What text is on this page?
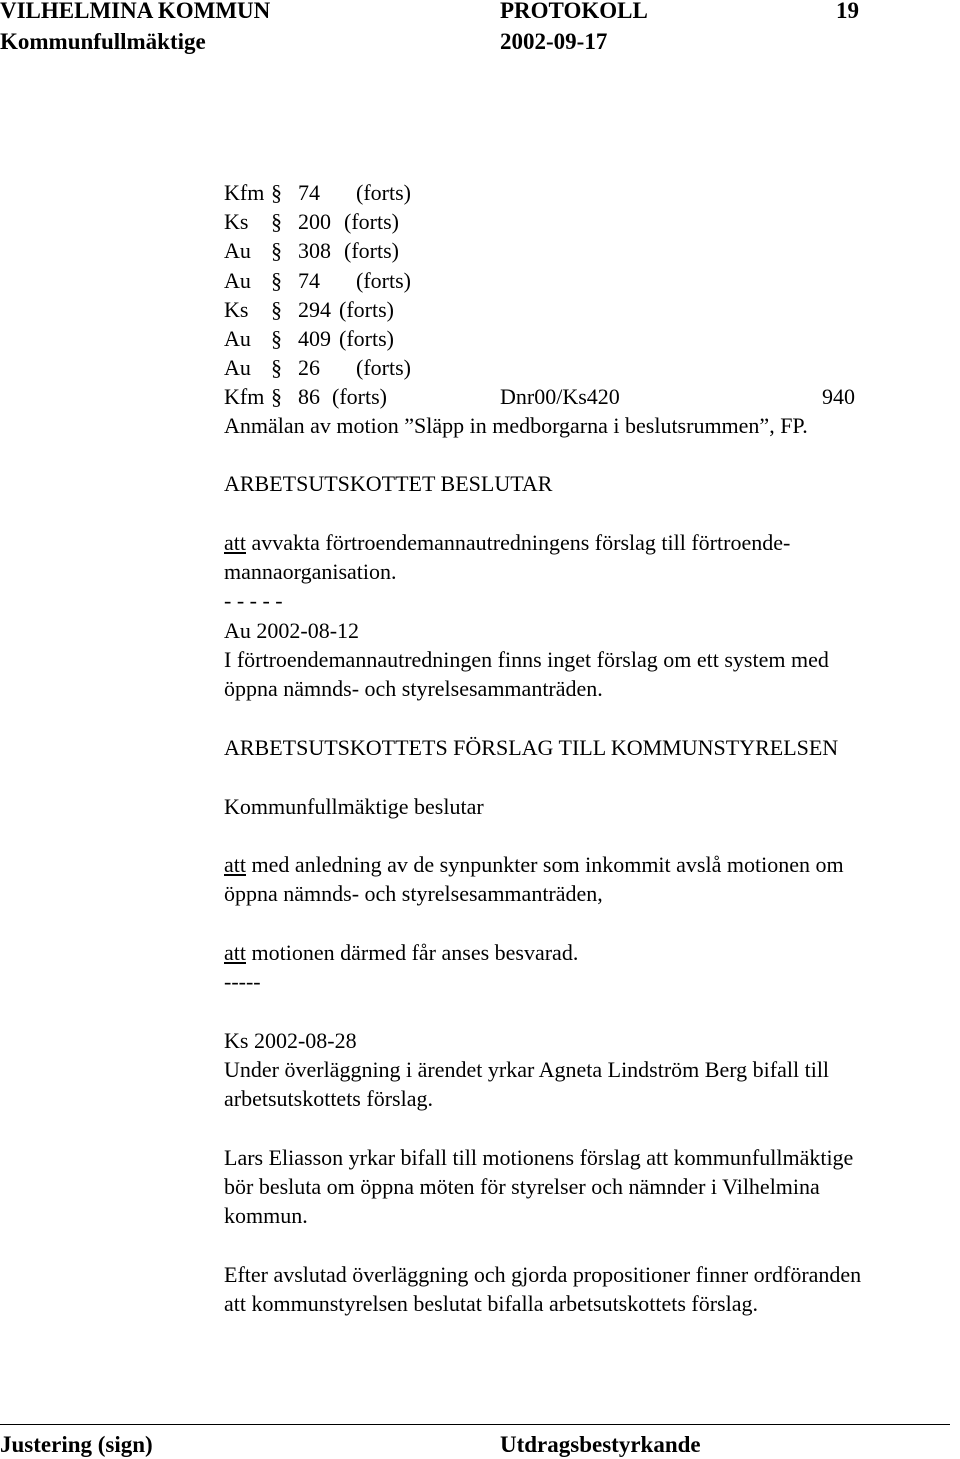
VILHELMINA KOMMUN	PROTOKOLL	19
Kommunfullmäktige	2002-09-17
Kfm § 74 (forts)
Ks § 200 (forts)
Au § 308 (forts)
Au § 74 (forts)
Ks § 294 (forts)
Au § 409 (forts)
Au § 26 (forts)
Kfm § 86 (forts)	Dnr00/Ks420	940
Anmälan av motion ”Släpp in medborgarna i beslutsrummen”, FP.
ARBETSUTSKOTTET BESLUTAR
att avvakta förtroendemannautredningens förslag till förtroende-
mannaorganisation.
- - - - -
Au 2002-08-12
I förtroendemannautredningen finns inget förslag om ett system med
öppna nämnds- och styrelsesammanträden.
ARBETSUTSKOTTETS FÖRSLAG TILL KOMMUNSTYRELSEN
Kommunfullmäktige beslutar
att med anledning av de synpunkter som inkommit avslå motionen om
öppna nämnds- och styrelsesammanträden,
att motionen därmed får anses besvarad.
-----
Ks 2002-08-28
Under överläggning i ärendet yrkar Agneta Lindström Berg bifall till
arbetsutskottets förslag.
Lars Eliasson yrkar bifall till motionens förslag att kommunfullmäktige
bör besluta om öppna möten för styrelser och nämnder i Vilhelmina
kommun.
Efter avslutad överläggning och gjorda propositioner finner ordföranden
att kommunstyrelsen beslutat bifalla arbetsutskottets förslag.
Justering (sign)	Utdragsbestyrkande
